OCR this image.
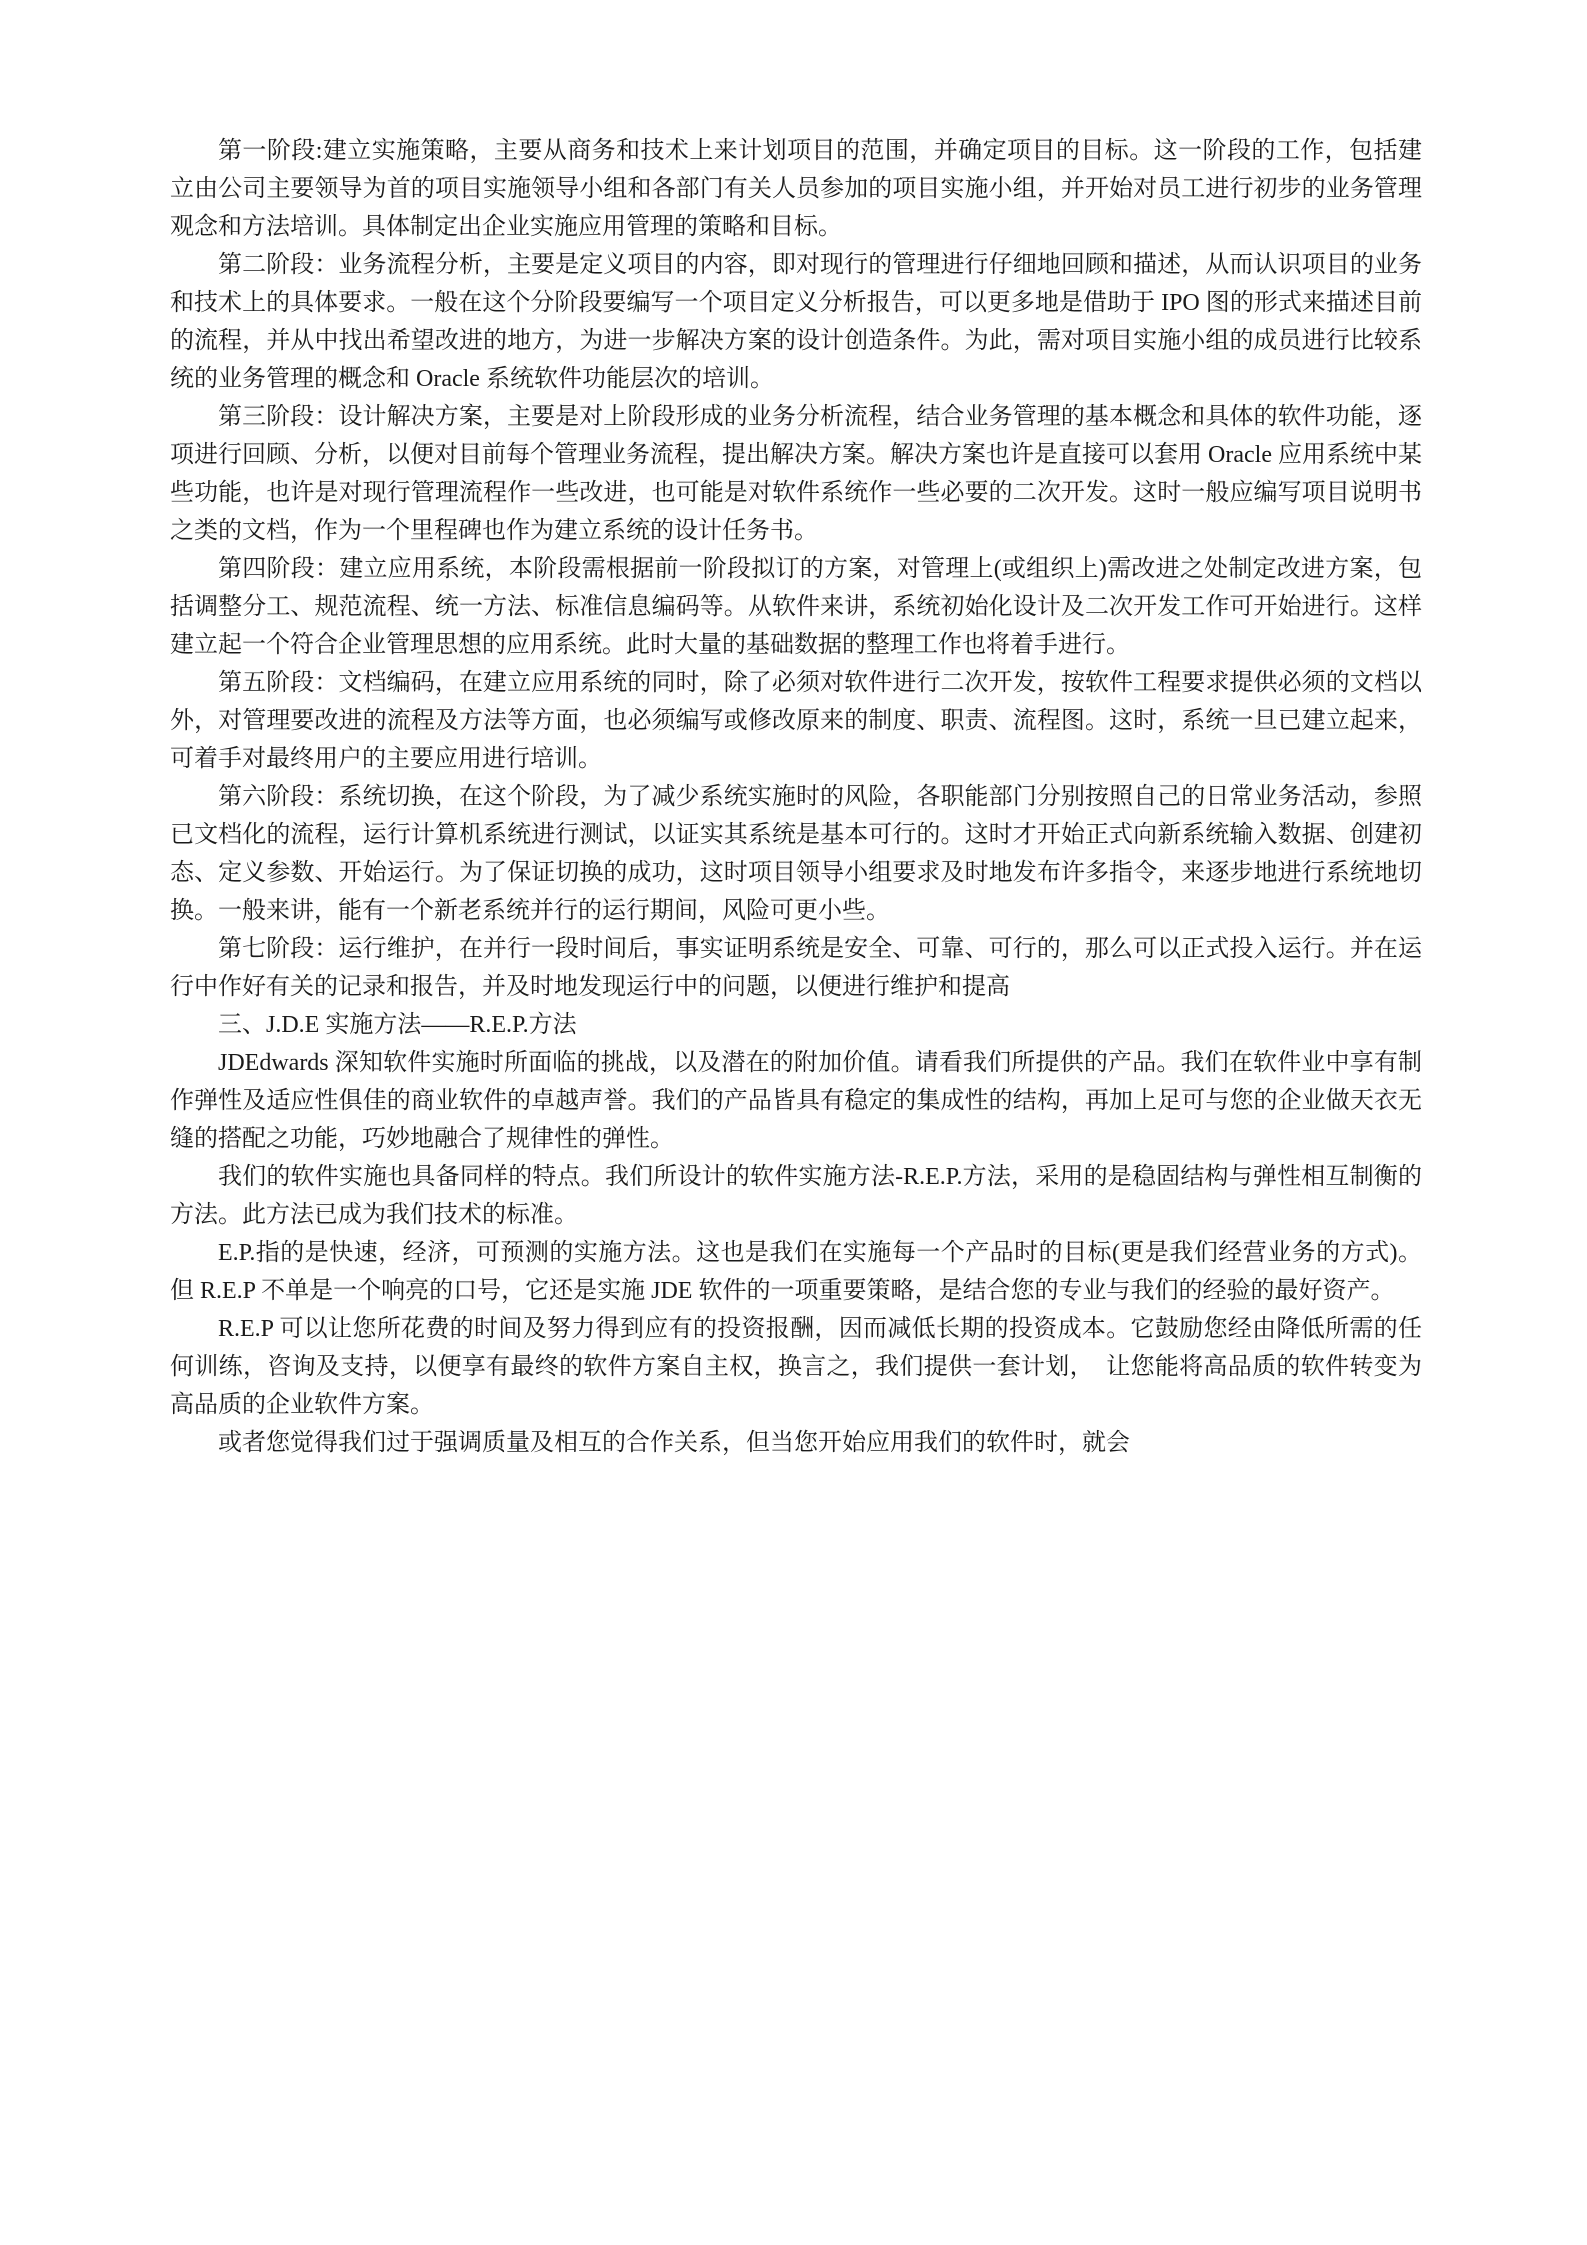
第一阶段:建立实施策略，主要从商务和技术上来计划项目的范围，并确定项目的目标。这一阶段的工作，包括建立由公司主要领导为首的项目实施领导小组和各部门有关人员参加的项目实施小组，并开始对员工进行初步的业务管理观念和方法培训。具体制定出企业实施应用管理的策略和目标。

第二阶段：业务流程分析，主要是定义项目的内容，即对现行的管理进行仔细地回顾和描述，从而认识项目的业务和技术上的具体要求。一般在这个分阶段要编写一个项目定义分析报告，可以更多地是借助于 IPO 图的形式来描述目前的流程，并从中找出希望改进的地方，为进一步解决方案的设计创造条件。为此，需对项目实施小组的成员进行比较系统的业务管理的概念和 Oracle 系统软件功能层次的培训。

第三阶段：设计解决方案，主要是对上阶段形成的业务分析流程，结合业务管理的基本概念和具体的软件功能，逐项进行回顾、分析，以便对目前每个管理业务流程，提出解决方案。解决方案也许是直接可以套用 Oracle 应用系统中某些功能，也许是对现行管理流程作一些改进，也可能是对软件系统作一些必要的二次开发。这时一般应编写项目说明书之类的文档，作为一个里程碑也作为建立系统的设计任务书。

第四阶段：建立应用系统，本阶段需根据前一阶段拟订的方案，对管理上(或组织上)需改进之处制定改进方案，包括调整分工、规范流程、统一方法、标准信息编码等。从软件来讲，系统初始化设计及二次开发工作可开始进行。这样建立起一个符合企业管理思想的应用系统。此时大量的基础数据的整理工作也将着手进行。

第五阶段：文档编码，在建立应用系统的同时，除了必须对软件进行二次开发，按软件工程要求提供必须的文档以外，对管理要改进的流程及方法等方面，也必须编写或修改原来的制度、职责、流程图。这时，系统一旦已建立起来，可着手对最终用户的主要应用进行培训。

第六阶段：系统切换，在这个阶段，为了减少系统实施时的风险，各职能部门分别按照自己的日常业务活动，参照已文档化的流程，运行计算机系统进行测试，以证实其系统是基本可行的。这时才开始正式向新系统输入数据、创建初态、定义参数、开始运行。为了保证切换的成功，这时项目领导小组要求及时地发布许多指令，来逐步地进行系统地切换。一般来讲，能有一个新老系统并行的运行期间，风险可更小些。

第七阶段：运行维护，在并行一段时间后，事实证明系统是安全、可靠、可行的，那么可以正式投入运行。并在运行中作好有关的记录和报告，并及时地发现运行中的问题，以便进行维护和提高

三、J.D.E 实施方法——R.E.P.方法

JDEdwards 深知软件实施时所面临的挑战，以及潜在的附加价值。请看我们所提供的产品。我们在软件业中享有制作弹性及适应性俱佳的商业软件的卓越声誉。我们的产品皆具有稳定的集成性的结构，再加上足可与您的企业做天衣无缝的搭配之功能，巧妙地融合了规律性的弹性。

我们的软件实施也具备同样的特点。我们所设计的软件实施方法-R.E.P.方法，采用的是稳固结构与弹性相互制衡的方法。此方法已成为我们技术的标准。

E.P.指的是快速，经济，可预测的实施方法。这也是我们在实施每一个产品时的目标(更是我们经营业务的方式)。但 R.E.P 不单是一个响亮的口号，它还是实施 JDE 软件的一项重要策略，是结合您的专业与我们的经验的最好资产。

R.E.P 可以让您所花费的时间及努力得到应有的投资报酬，因而减低长期的投资成本。它鼓励您经由降低所需的任何训练，咨询及支持，以便享有最终的软件方案自主权，换言之，我们提供一套计划，　让您能将高品质的软件转变为高品质的企业软件方案。

或者您觉得我们过于强调质量及相互的合作关系，但当您开始应用我们的软件时，就会
